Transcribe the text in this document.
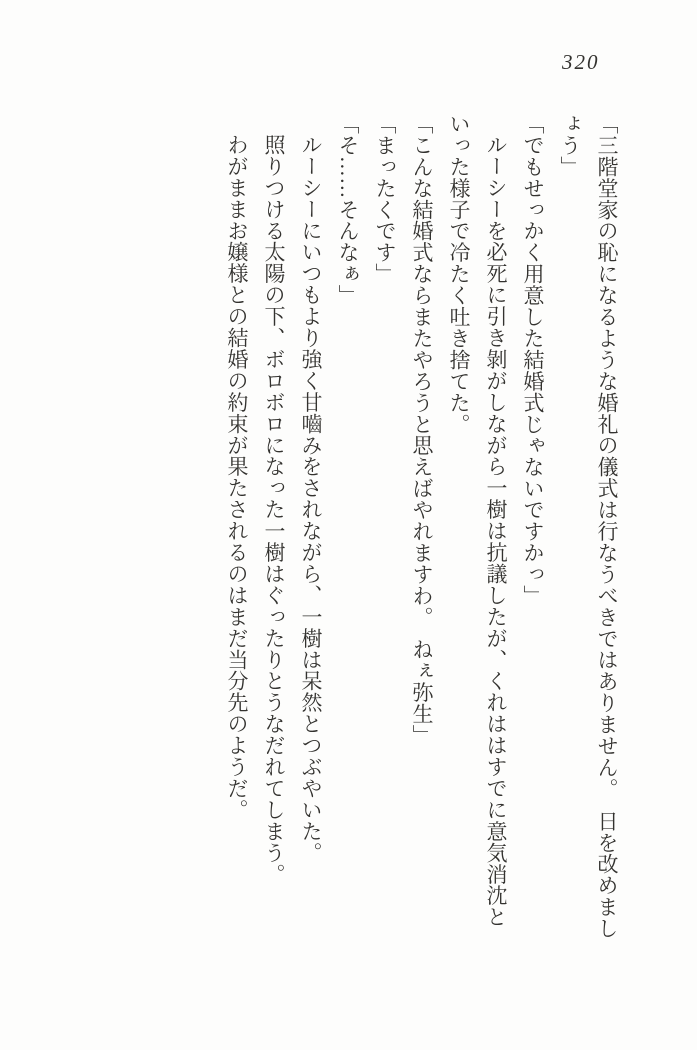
320

「三階堂家の恥になるような婚礼の儀式は行なうべきではありません。　日を改めまし

ょう」

「でもせっかく用意した結婚式じゃないですかっ」

ルーシーを必死に引き剝がしながら一樹は抗議したが、くれははすでに意気消沈と

いった様子で冷たく吐き捨てた。

「こんな結婚式ならまたやろうと思えばやれますわ。　ねぇ弥生」

「まったくです」

「そ……そんなぁ」

ルーシーにいつもより強く甘嚙みをされながら、一樹は呆然とつぶやいた。

照りつける太陽の下、ボロボロになった一樹はぐったりとうなだれてしまう。

わがままお嬢様との結婚の約束が果たされるのはまだ当分先のようだ。
